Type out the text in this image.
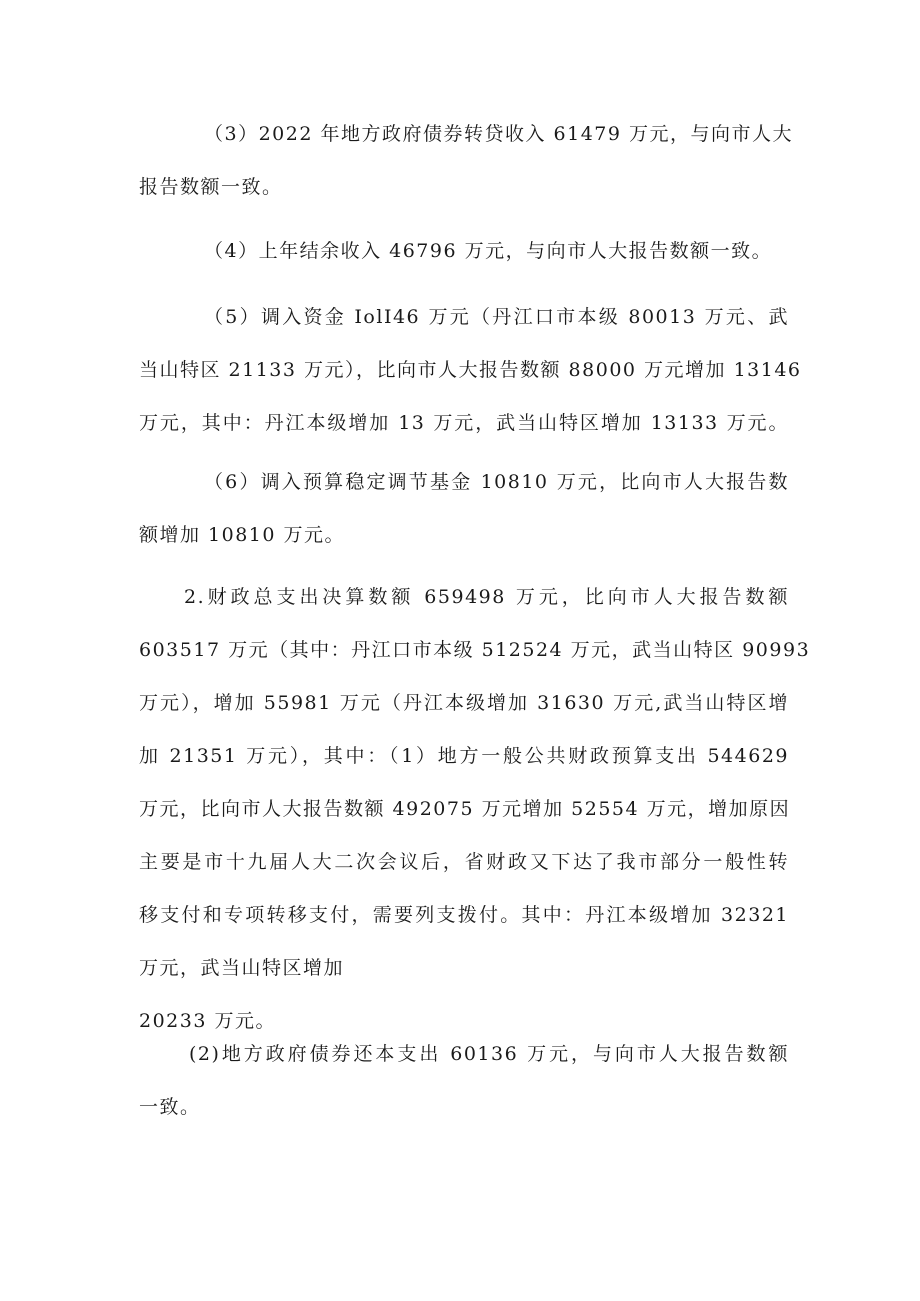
（3）2022 年地方政府债券转贷收入 61479 万元，与向市人大
报告数额一致。
（4）上年结余收入 46796 万元，与向市人大报告数额一致。
（5）调入资金 IolI46 万元（丹江口市本级 80013 万元、武
当山特区 21133 万元），比向市人大报告数额 88000 万元增加 13146
万元，其中：丹江本级增加 13 万元，武当山特区增加 13133 万元。
（6）调入预算稳定调节基金 10810 万元，比向市人大报告数
额增加 10810 万元。
2.财政总支出决算数额 659498 万元，比向市人大报告数额
603517 万元（其中：丹江口市本级 512524 万元，武当山特区 90993
万元），增加 55981 万元（丹江本级增加 31630 万元,武当山特区增
加 21351 万元），其中：（1）地方一般公共财政预算支出 544629
万元，比向市人大报告数额 492075 万元增加 52554 万元，增加原因
主要是市十九届人大二次会议后，省财政又下达了我市部分一般性转
移支付和专项转移支付，需要列支拨付。其中：丹江本级增加 32321
万元，武当山特区增加
20233 万元。
(2)地方政府债券还本支出 60136 万元，与向市人大报告数额
一致。
